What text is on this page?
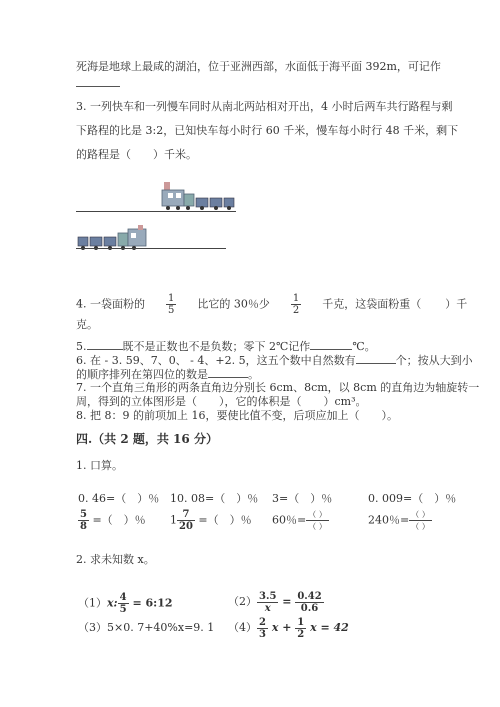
死海是地球上最咸的湖泊，位于亚洲西部，水面低于海平面 392m，可记作
3. 一列快车和一列慢车同时从南北两站相对开出，4 小时后两车共行路程与剩
下路程的比是 3:2，已知快车每小时行 60 千米，慢车每小时行 48 千米，剩下
的路程是（ ）千米。
4. 一袋面粉的 $\frac{1}{5}$ 比它的 30％少 $\frac{1}{2}$ 千克，这袋面粉重（ ）千
克。
5.	既不是正数也不是负数；零下 2℃记作	℃。
6. 在 - 3. 59、7、0、 - 4、+2. 5，这五个数中自然数有	个；按从大到小
的顺序排列在第四位的数是	。
7. 一个直角三角形的两条直角边分别长 6cm、8cm，以 8cm 的直角边为轴旋转一
周，得到的立体图形是（ ），它的体积是（ ）cm³。
8. 把 8：9 的前项加上 16，要使比值不变，后项应加上（ ）。
四.（共 2 题，共 16 分）
1. 口算。
0. 46=（　）％ 10. 08=（　）％ 3=（　）％	0. 009=（　）％
$\frac{5}{8}$ =（　）％ $1 \frac{7}{20}$ =（　）％ 60％= $\frac{( )}{( )}$	240％= $\frac{( )}{( )}$
2. 求未知数 x。
（1）x: $\frac{4}{5}$ = 6:12	$(2) \frac{3.5}{x} = \frac{0.42}{0.6}$
（3）5×0. 7+40%x=9. 1 $(4) \frac{2}{3}$ $x + \frac{1}{2}$ x = 42
